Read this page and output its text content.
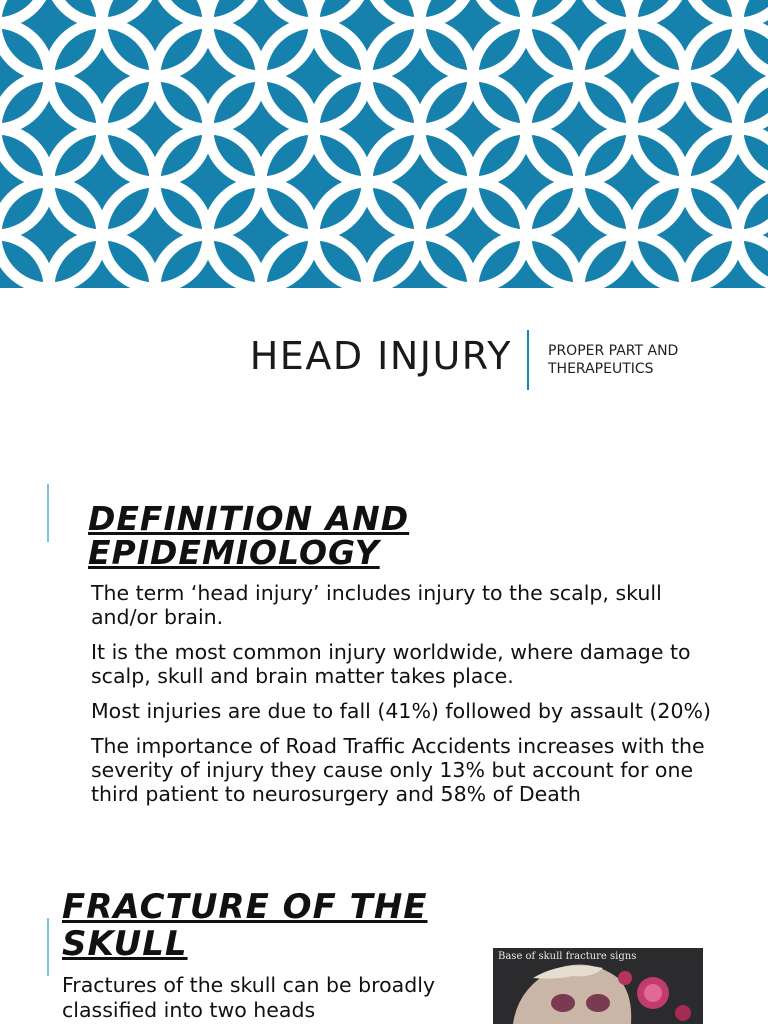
HEAD INJURY	PROPER PART AND THERAPEUTICS

DEFINITION AND EPIDEMIOLOGY

The term ‘head injury’ includes injury to the scalp, skull and/or brain.

It is the most common injury worldwide, where damage to scalp, skull and brain matter takes place.

Most injuries are due to fall (41%) followed by assault (20%)

The importance of Road Traffic Accidents increases with the severity of injury they cause only 13% but account for one third patient to neurosurgery and 58% of Death

FRACTURE OF THE SKULL

Fractures of the skull can be broadly classified into two heads

Base of skull fracture signs
